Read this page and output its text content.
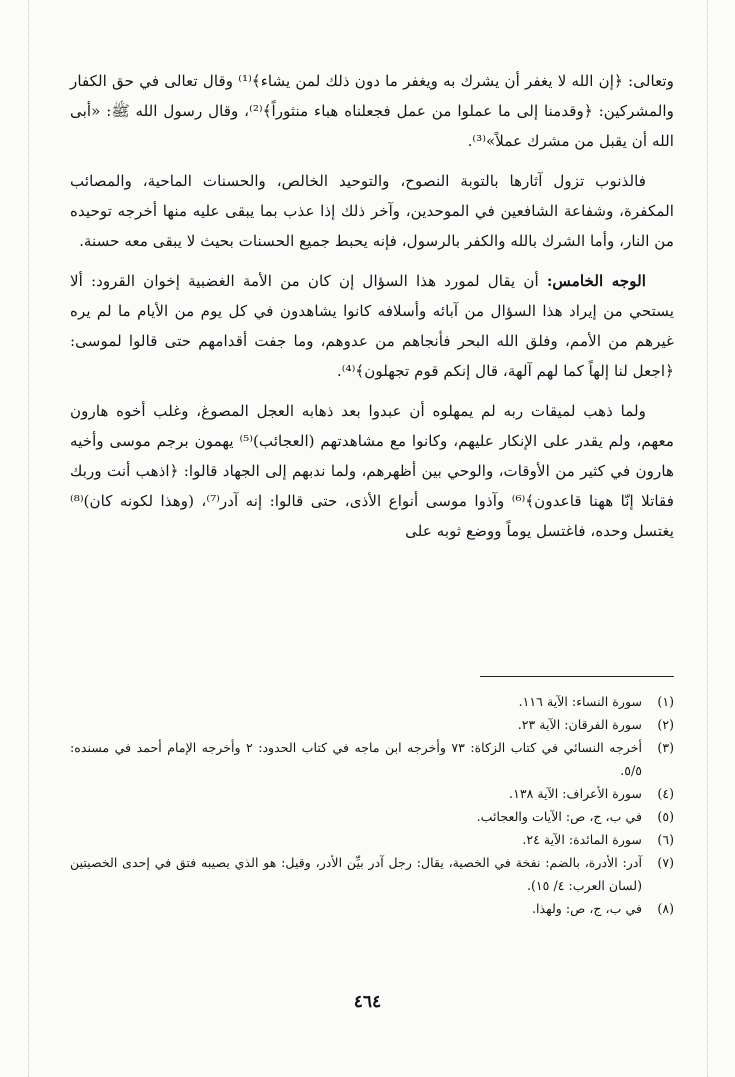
وتعالى: ﴿إن الله لا يغفر أن يشرك به ويغفر ما دون ذلك لمن يشاء﴾⁽¹⁾ وقال تعالى في حق الكفار والمشركين: ﴿وقدمنا إلى ما عملوا من عمل فجعلناه هباء منثوراً﴾⁽²⁾، وقال رسول الله ﷺ: «أبى الله أن يقبل من مشرك عملاً»⁽³⁾.

فالذنوب تزول آثارها بالتوبة النصوح، والتوحيد الخالص، والحسنات الماحية، والمصائب المكفرة، وشفاعة الشافعين في الموحدين، وآخر ذلك إذا عذب بما يبقى عليه منها أخرجه توحيده من النار، وأما الشرك بالله والكفر بالرسول، فإنه يحبط جميع الحسنات بحيث لا يبقى معه حسنة.

الوجه الخامس: أن يقال لمورد هذا السؤال إن كان من الأمة الغضبية إخوان القرود: ألا يستحي من إيراد هذا السؤال من آبائه وأسلافه كانوا يشاهدون في كل يوم من الأيام ما لم يره غيرهم من الأمم، وفلق الله البحر فأنجاهم من عدوهم، وما جفت أقدامهم حتى قالوا لموسى: ﴿اجعل لنا إلهاً كما لهم آلهة، قال إنكم قوم تجهلون﴾⁽⁴⁾.

ولما ذهب لميقات ربه لم يمهلوه أن عبدوا بعد ذهابه العجل المصوغ، وغلب أخوه هارون معهم، ولم يقدر على الإنكار عليهم، وكانوا مع مشاهدتهم (العجائب)⁽⁵⁾ يهمون برجم موسى وأخيه هارون في كثير من الأوقات، والوحي بين أظهرهم، ولما ندبهم إلى الجهاد قالوا: ﴿اذهب أنت وربك فقاتلا إنّا ههنا قاعدون﴾⁽⁶⁾ وآذوا موسى أنواع الأذى، حتى قالوا: إنه آدر⁽⁷⁾، (وهذا لكونه كان)⁽⁸⁾ يغتسل وحده، فاغتسل يوماً ووضع ثوبه على

(١)
سورة النساء: الآية ١١٦.
(٢)
سورة الفرقان: الآية ٢٣.
(٣)
أخرجه النسائي في كتاب الزكاة: ٧٣ وأخرجه ابن ماجه في كتاب الحدود: ٢ وأخرجه الإمام أحمد في مسنده: ٥/٥.
(٤)
سورة الأعراف: الآية ١٣٨.
(٥)
في ب، ج، ص: الآيات والعجائب.
(٦)
سورة المائدة: الآية ٢٤.
(٧)
آدر: الأدرة، بالضم: نفخة في الخصية، يقال: رجل آدر بيِّن الأدر، وقيل: هو الذي يصيبه فتق في إحدى الخصيتين (لسان العرب: ٤/ ١٥).
(٨)
في ب، ج، ص: ولهذا.
٤٦٤
